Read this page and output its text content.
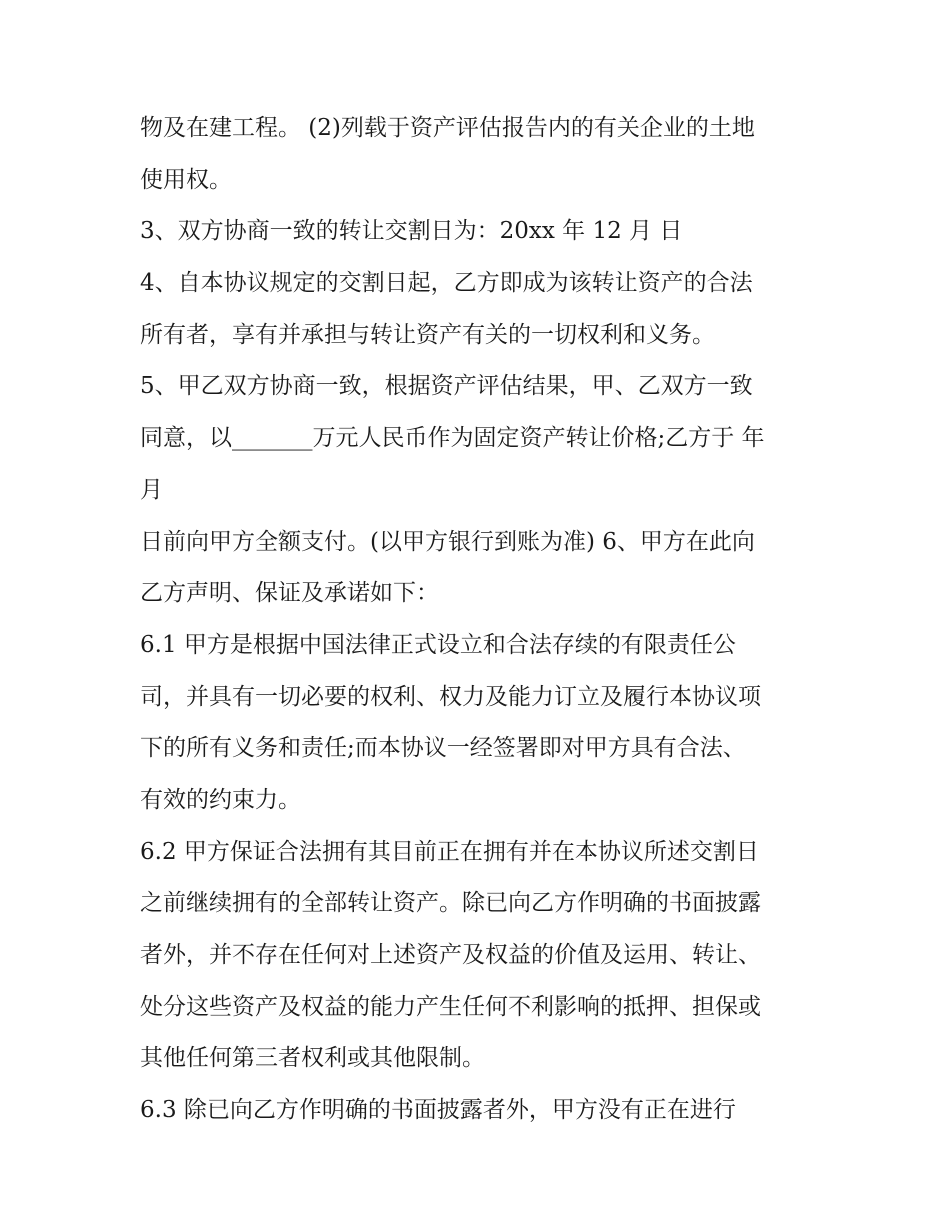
物及在建工程。 (2)列载于资产评估报告内的有关企业的土地

使用权。

3、双方协商一致的转让交割日为：20xx 年 12 月 日

4、自本协议规定的交割日起，乙方即成为该转让资产的合法

所有者，享有并承担与转让资产有关的一切权利和义务。

5、甲乙双方协商一致，根据资产评估结果，甲、乙双方一致

同意，以_______万元人民币作为固定资产转让价格;乙方于 年

月

日前向甲方全额支付。(以甲方银行到账为准) 6、甲方在此向

乙方声明、保证及承诺如下：

6.1 甲方是根据中国法律正式设立和合法存续的有限责任公

司，并具有一切必要的权利、权力及能力订立及履行本协议项

下的所有义务和责任;而本协议一经签署即对甲方具有合法、

有效的约束力。

6.2 甲方保证合法拥有其目前正在拥有并在本协议所述交割日

之前继续拥有的全部转让资产。除已向乙方作明确的书面披露

者外，并不存在任何对上述资产及权益的价值及运用、转让、

处分这些资产及权益的能力产生任何不利影响的抵押、担保或

其他任何第三者权利或其他限制。

6.3 除已向乙方作明确的书面披露者外，甲方没有正在进行
